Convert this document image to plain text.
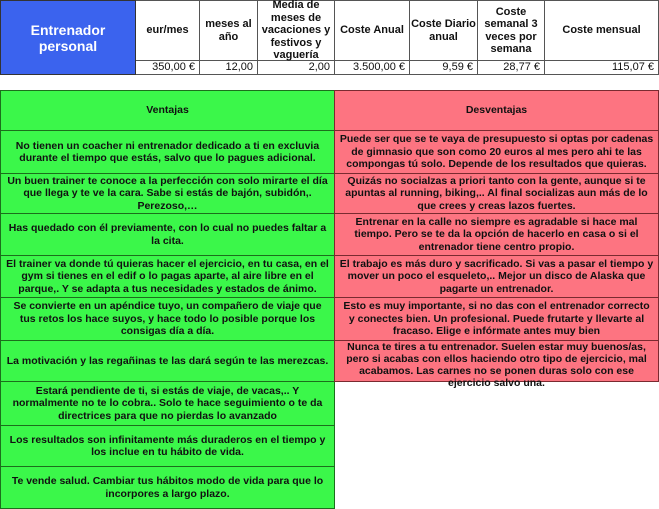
Entrenador personal
eur/mes
350,00 €
meses al año
12,00
Media de meses de vacaciones y festivos y vaguería
2,00
Coste Anual
3.500,00 €
Coste Diario anual
9,59 €
Coste semanal 3 veces por semana
28,77 €
Coste mensual
115,07 €
Ventajas	Desventajas
No tienen un coacher ni entrenador dedicado a ti en excluvia durante el tiempo que estás, salvo que lo pagues adicional.
Un buen trainer te conoce a la perfección con solo mirarte el día que llega y te ve la cara. Sabe si estás de bajón, subidón,. Perezoso,…
Has quedado con él previamente, con lo cual no puedes faltar a la cita.
El trainer va donde tú quieras hacer el ejercicio, en tu casa, en el gym si tienes en el edif o lo pagas aparte, al aire libre en el parque,. Y se adapta a tus necesidades y estados de ánimo.
Se convierte en un apéndice tuyo, un compañero de viaje que tus retos los hace suyos, y hace todo lo posible porque los consigas día a día.
La motivación y las regañinas te las dará según te las merezcas.
Estará pendiente de ti, si estás de viaje, de vacas,.. Y normalmente no te lo cobra.. Solo te hace seguimiento o te da directrices para que no pierdas lo avanzado
Los resultados son infinitamente más duraderos en el tiempo y los inclue en tu hábito de vida.
Te vende salud. Cambiar tus hábitos modo de vida para que lo incorpores a largo plazo.
Puede ser que se te vaya de presupuesto si optas por cadenas de gimnasio que son como 20 euros al mes pero ahi te las compongas tú solo. Depende de los resultados que quieras.
Quizás no socialzas a priori tanto con la gente, aunque si te apuntas al running, biking,.. Al final socializas aun más de lo que crees y creas lazos fuertes.
Entrenar en la calle no siempre es agradable si hace mal tiempo. Pero se te da la opción de hacerlo en casa o si el entrenador tiene centro propio.
El trabajo es más duro y sacrificado. Si vas a pasar el tiempo y mover un poco el esqueleto,.. Mejor un disco de Alaska que pagarte un entrenador.
Esto es muy importante, si no das con el entrenador correcto y conectes bien. Un profesional. Puede frutarte y llevarte al fracaso. Elige e infórmate antes muy bien
Nunca te tires a tu entrenador. Suelen estar muy buenos/as, pero si acabas con ellos haciendo otro tipo de ejercicio, mal acabamos. Las carnes no se ponen duras solo con ese ejercicio salvo una.
